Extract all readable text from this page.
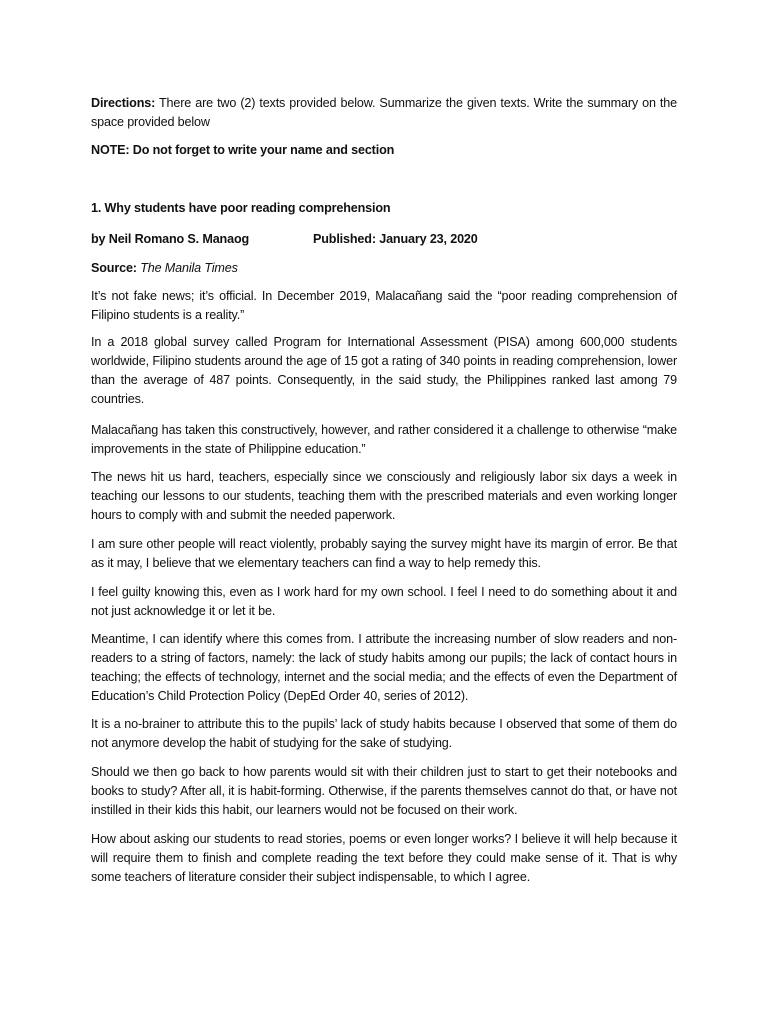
Directions: There are two (2) texts provided below. Summarize the given texts. Write the summary on the space provided below
NOTE: Do not forget to write your name and section
1. Why students have poor reading comprehension
by Neil Romano S. Manaog	Published: January 23, 2020
Source: The Manila Times
It’s not fake news; it’s official. In December 2019, Malacañang said the “poor reading comprehension of Filipino students is a reality.”
In a 2018 global survey called Program for International Assessment (PISA) among 600,000 students worldwide, Filipino students around the age of 15 got a rating of 340 points in reading comprehension, lower than the average of 487 points. Consequently, in the said study, the Philippines ranked last among 79 countries.
Malacañang has taken this constructively, however, and rather considered it a challenge to otherwise “make improvements in the state of Philippine education.”
The news hit us hard, teachers, especially since we consciously and religiously labor six days a week in teaching our lessons to our students, teaching them with the prescribed materials and even working longer hours to comply with and submit the needed paperwork.
I am sure other people will react violently, probably saying the survey might have its margin of error. Be that as it may, I believe that we elementary teachers can find a way to help remedy this.
I feel guilty knowing this, even as I work hard for my own school. I feel I need to do something about it and not just acknowledge it or let it be.
Meantime, I can identify where this comes from. I attribute the increasing number of slow readers and non-readers to a string of factors, namely: the lack of study habits among our pupils; the lack of contact hours in teaching; the effects of technology, internet and the social media; and the effects of even the Department of Education’s Child Protection Policy (DepEd Order 40, series of 2012).
It is a no-brainer to attribute this to the pupils’ lack of study habits because I observed that some of them do not anymore develop the habit of studying for the sake of studying.
Should we then go back to how parents would sit with their children just to start to get their notebooks and books to study? After all, it is habit-forming. Otherwise, if the parents themselves cannot do that, or have not instilled in their kids this habit, our learners would not be focused on their work.
How about asking our students to read stories, poems or even longer works? I believe it will help because it will require them to finish and complete reading the text before they could make sense of it. That is why some teachers of literature consider their subject indispensable, to which I agree.
